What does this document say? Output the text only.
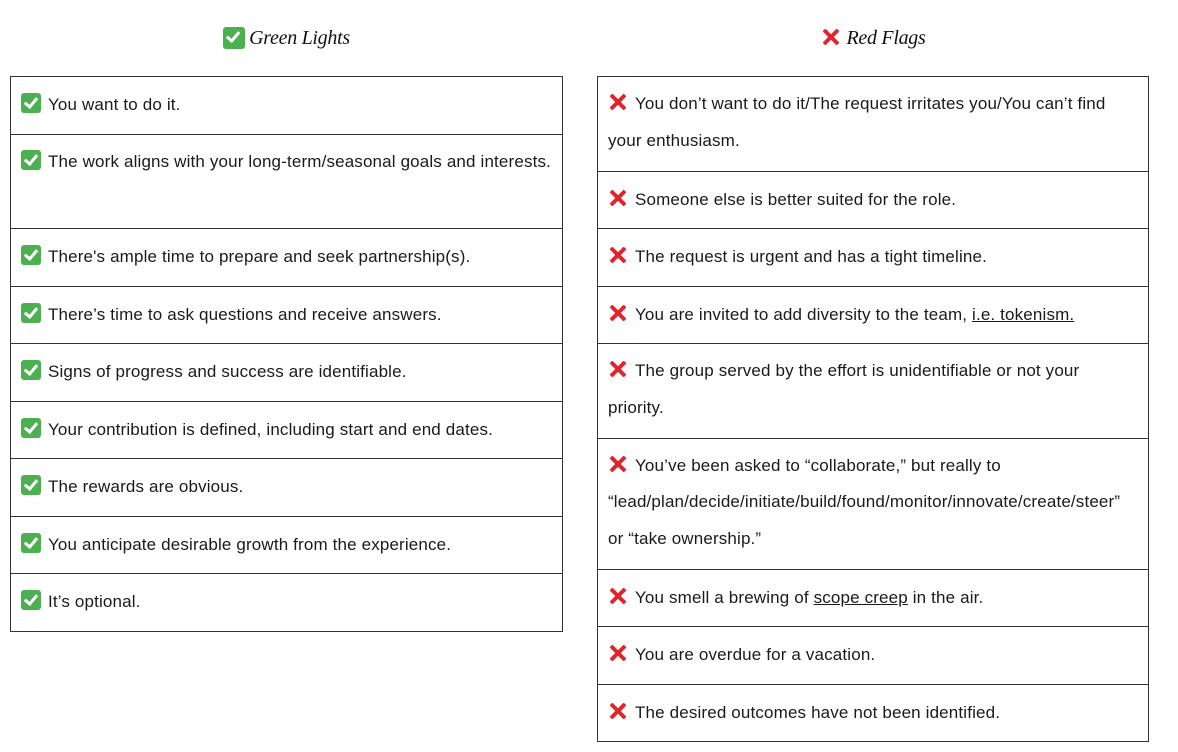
Green Lights
You want to do it.
The work aligns with your long-term/seasonal goals and interests.
There's ample time to prepare and seek partnership(s).
There’s time to ask questions and receive answers.
Signs of progress and success are identifiable.
Your contribution is defined, including start and end dates.
The rewards are obvious.
You anticipate desirable growth from the experience.
It’s optional.
Red Flags
You don’t want to do it/The request irritates you/You can’t find your enthusiasm.
Someone else is better suited for the role.
The request is urgent and has a tight timeline.
You are invited to add diversity to the team, i.e. tokenism.
The group served by the effort is unidentifiable or not your priority.
You’ve been asked to “collaborate,” but really to “lead/plan/decide/initiate/build/found/monitor/innovate/create/steer” or “take ownership.”
You smell a brewing of scope creep in the air.
You are overdue for a vacation.
The desired outcomes have not been identified.
